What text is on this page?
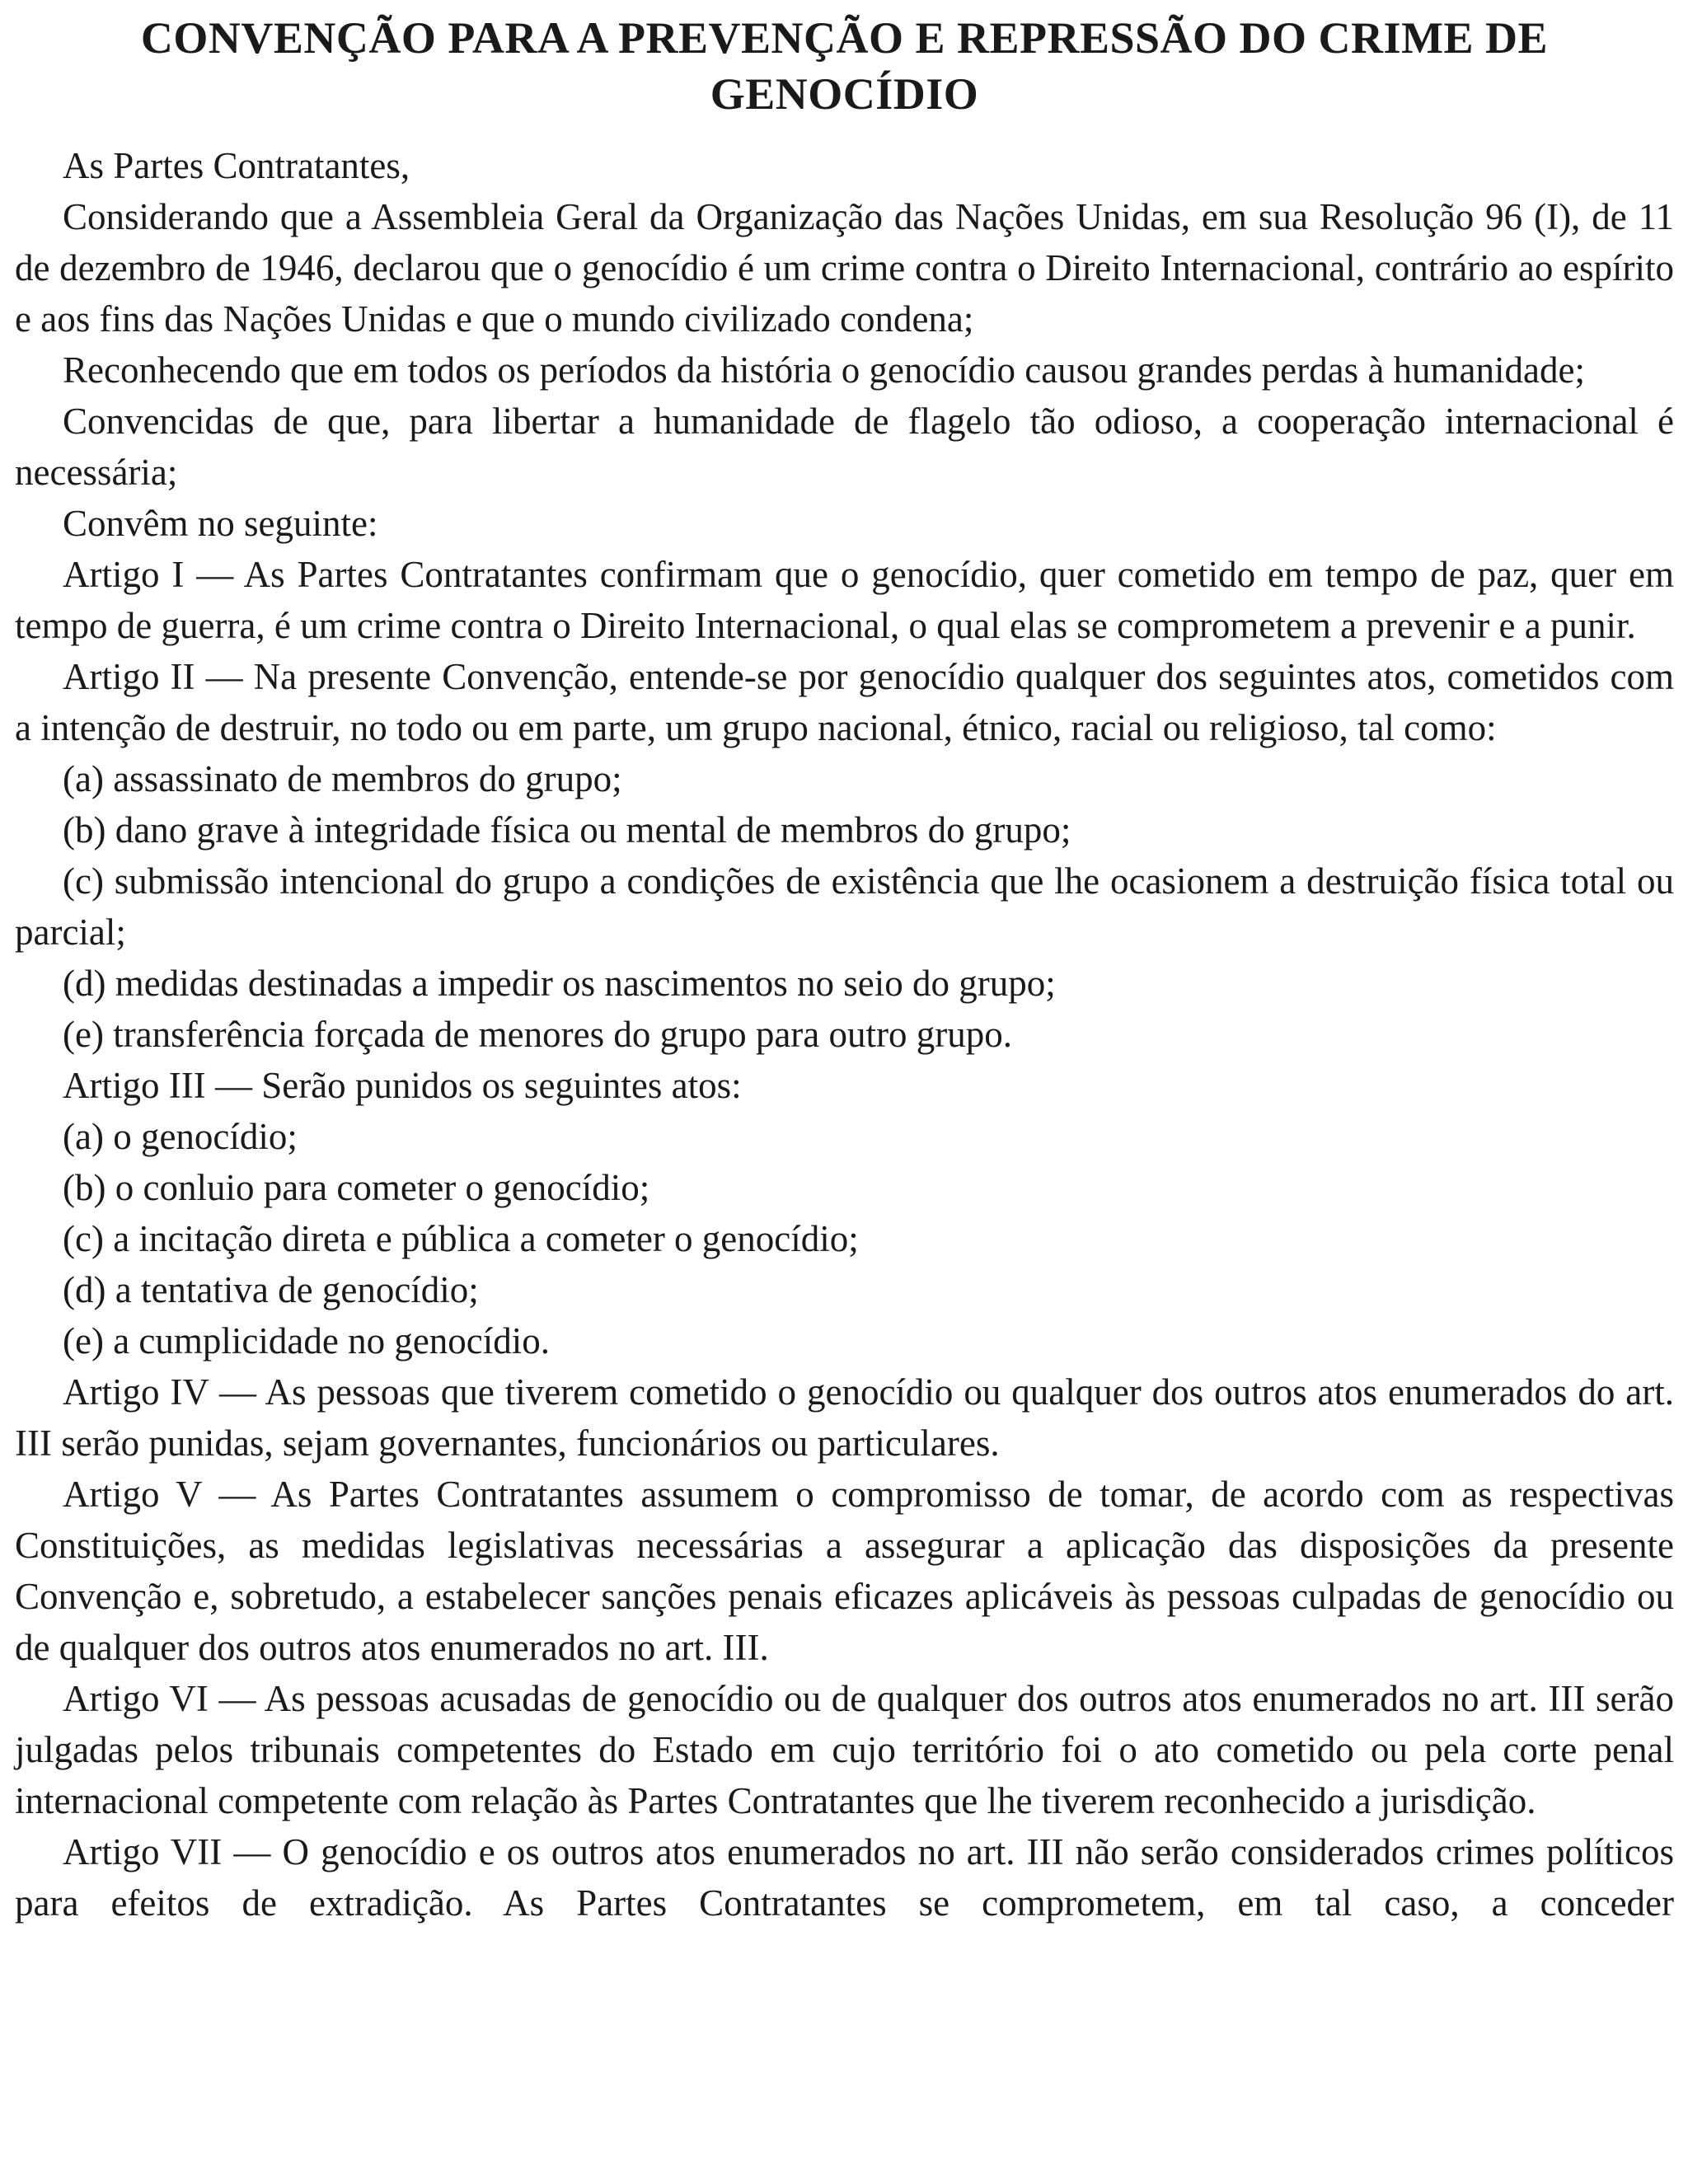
CONVENÇÃO PARA A PREVENÇÃO E REPRESSÃO DO CRIME DE GENOCÍDIO

As Partes Contratantes,

Considerando que a Assembleia Geral da Organização das Nações Unidas, em sua Resolução 96 (I), de 11 de dezembro de 1946, declarou que o genocídio é um crime contra o Direito Internacional, contrário ao espírito e aos fins das Nações Unidas e que o mundo civilizado condena;

Reconhecendo que em todos os períodos da história o genocídio causou grandes perdas à humanidade;

Convencidas de que, para libertar a humanidade de flagelo tão odioso, a cooperação internacional é necessária;

Convêm no seguinte:

Artigo I — As Partes Contratantes confirmam que o genocídio, quer cometido em tempo de paz, quer em tempo de guerra, é um crime contra o Direito Internacional, o qual elas se comprometem a prevenir e a punir.

Artigo II — Na presente Convenção, entende-se por genocídio qualquer dos seguintes atos, cometidos com a intenção de destruir, no todo ou em parte, um grupo nacional, étnico, racial ou religioso, tal como:

(a) assassinato de membros do grupo;

(b) dano grave à integridade física ou mental de membros do grupo;

(c) submissão intencional do grupo a condições de existência que lhe ocasionem a destruição física total ou parcial;

(d) medidas destinadas a impedir os nascimentos no seio do grupo;

(e) transferência forçada de menores do grupo para outro grupo.

Artigo III — Serão punidos os seguintes atos:

(a) o genocídio;

(b) o conluio para cometer o genocídio;

(c) a incitação direta e pública a cometer o genocídio;

(d) a tentativa de genocídio;

(e) a cumplicidade no genocídio.

Artigo IV — As pessoas que tiverem cometido o genocídio ou qualquer dos outros atos enumerados do art. III serão punidas, sejam governantes, funcionários ou particulares.

Artigo V — As Partes Contratantes assumem o compromisso de tomar, de acordo com as respectivas Constituições, as medidas legislativas necessárias a assegurar a aplicação das disposições da presente Convenção e, sobretudo, a estabelecer sanções penais eficazes aplicáveis às pessoas culpadas de genocídio ou de qualquer dos outros atos enumerados no art. III.

Artigo VI — As pessoas acusadas de genocídio ou de qualquer dos outros atos enumerados no art. III serão julgadas pelos tribunais competentes do Estado em cujo território foi o ato cometido ou pela corte penal internacional competente com relação às Partes Contratantes que lhe tiverem reconhecido a jurisdição.

Artigo VII — O genocídio e os outros atos enumerados no art. III não serão considerados crimes políticos para efeitos de extradição. As Partes Contratantes se comprometem, em tal caso, a conceder
